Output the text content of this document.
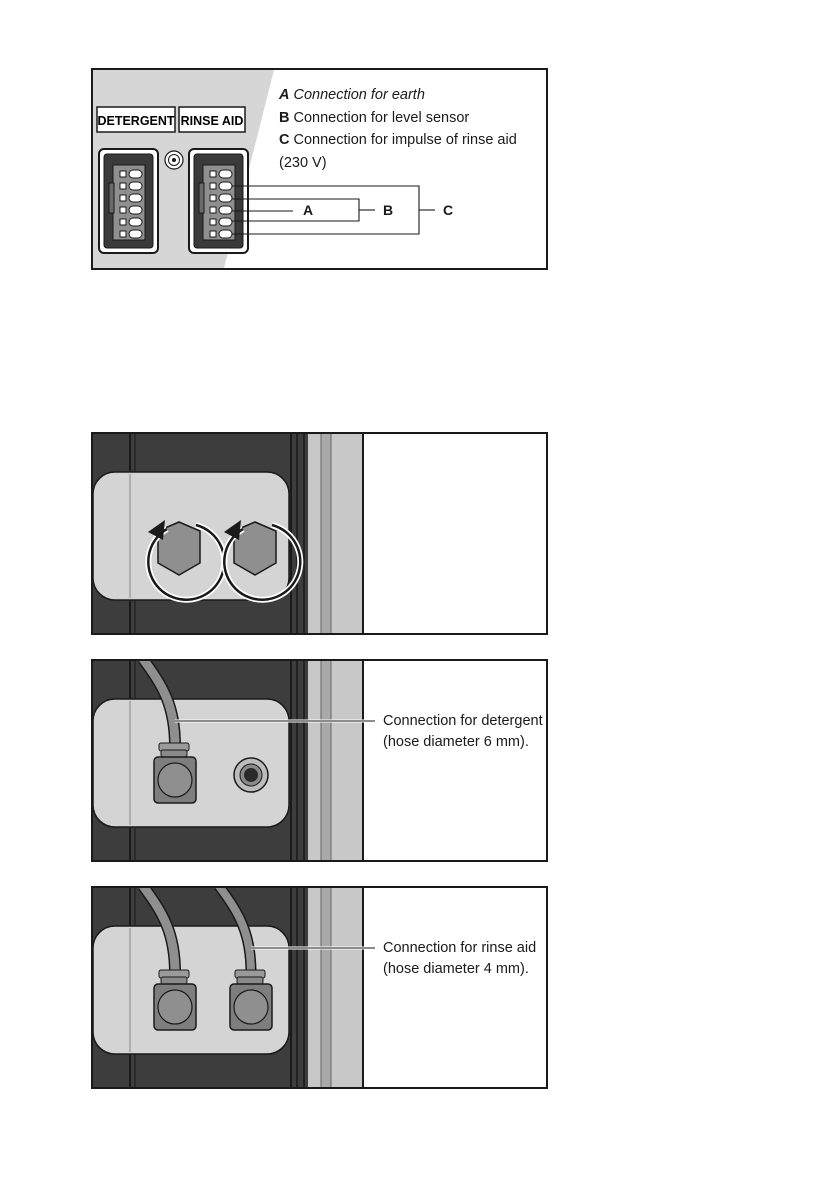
DETERGENT RINSE AID
A	B	C
A Connection for earth
B Connection for level sensor
C Connection for impulse of rinse aid
(230 V)
Connection for detergent (hose diameter 6 mm).
Connection for rinse aid (hose diameter 4 mm).
